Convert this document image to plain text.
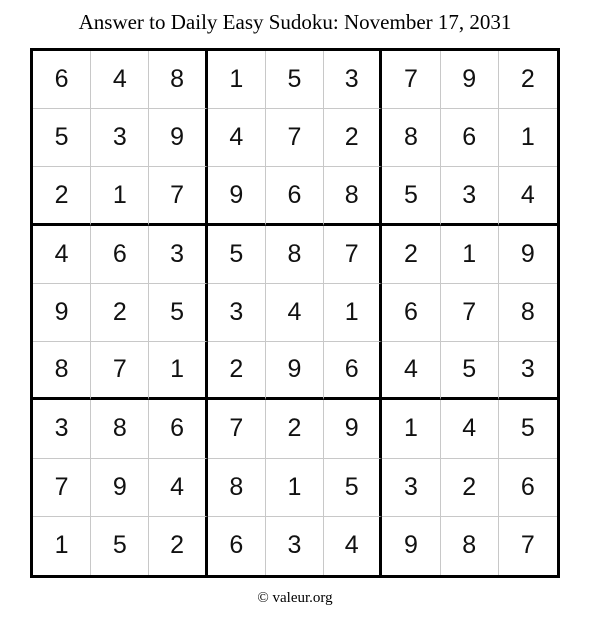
Answer to Daily Easy Sudoku: November 17, 2031
6	4	8	1	5	3	7	9	2
5	3	9	4	7	2	8	6	1
2	1	7	9	6	8	5	3	4
4	6	3	5	8	7	2	1	9
9	2	5	3	4	1	6	7	8
8	7	1	2	9	6	4	5	3
3	8	6	7	2	9	1	4	5
7	9	4	8	1	5	3	2	6
1	5	2	6	3	4	9	8	7
© valeur.org
